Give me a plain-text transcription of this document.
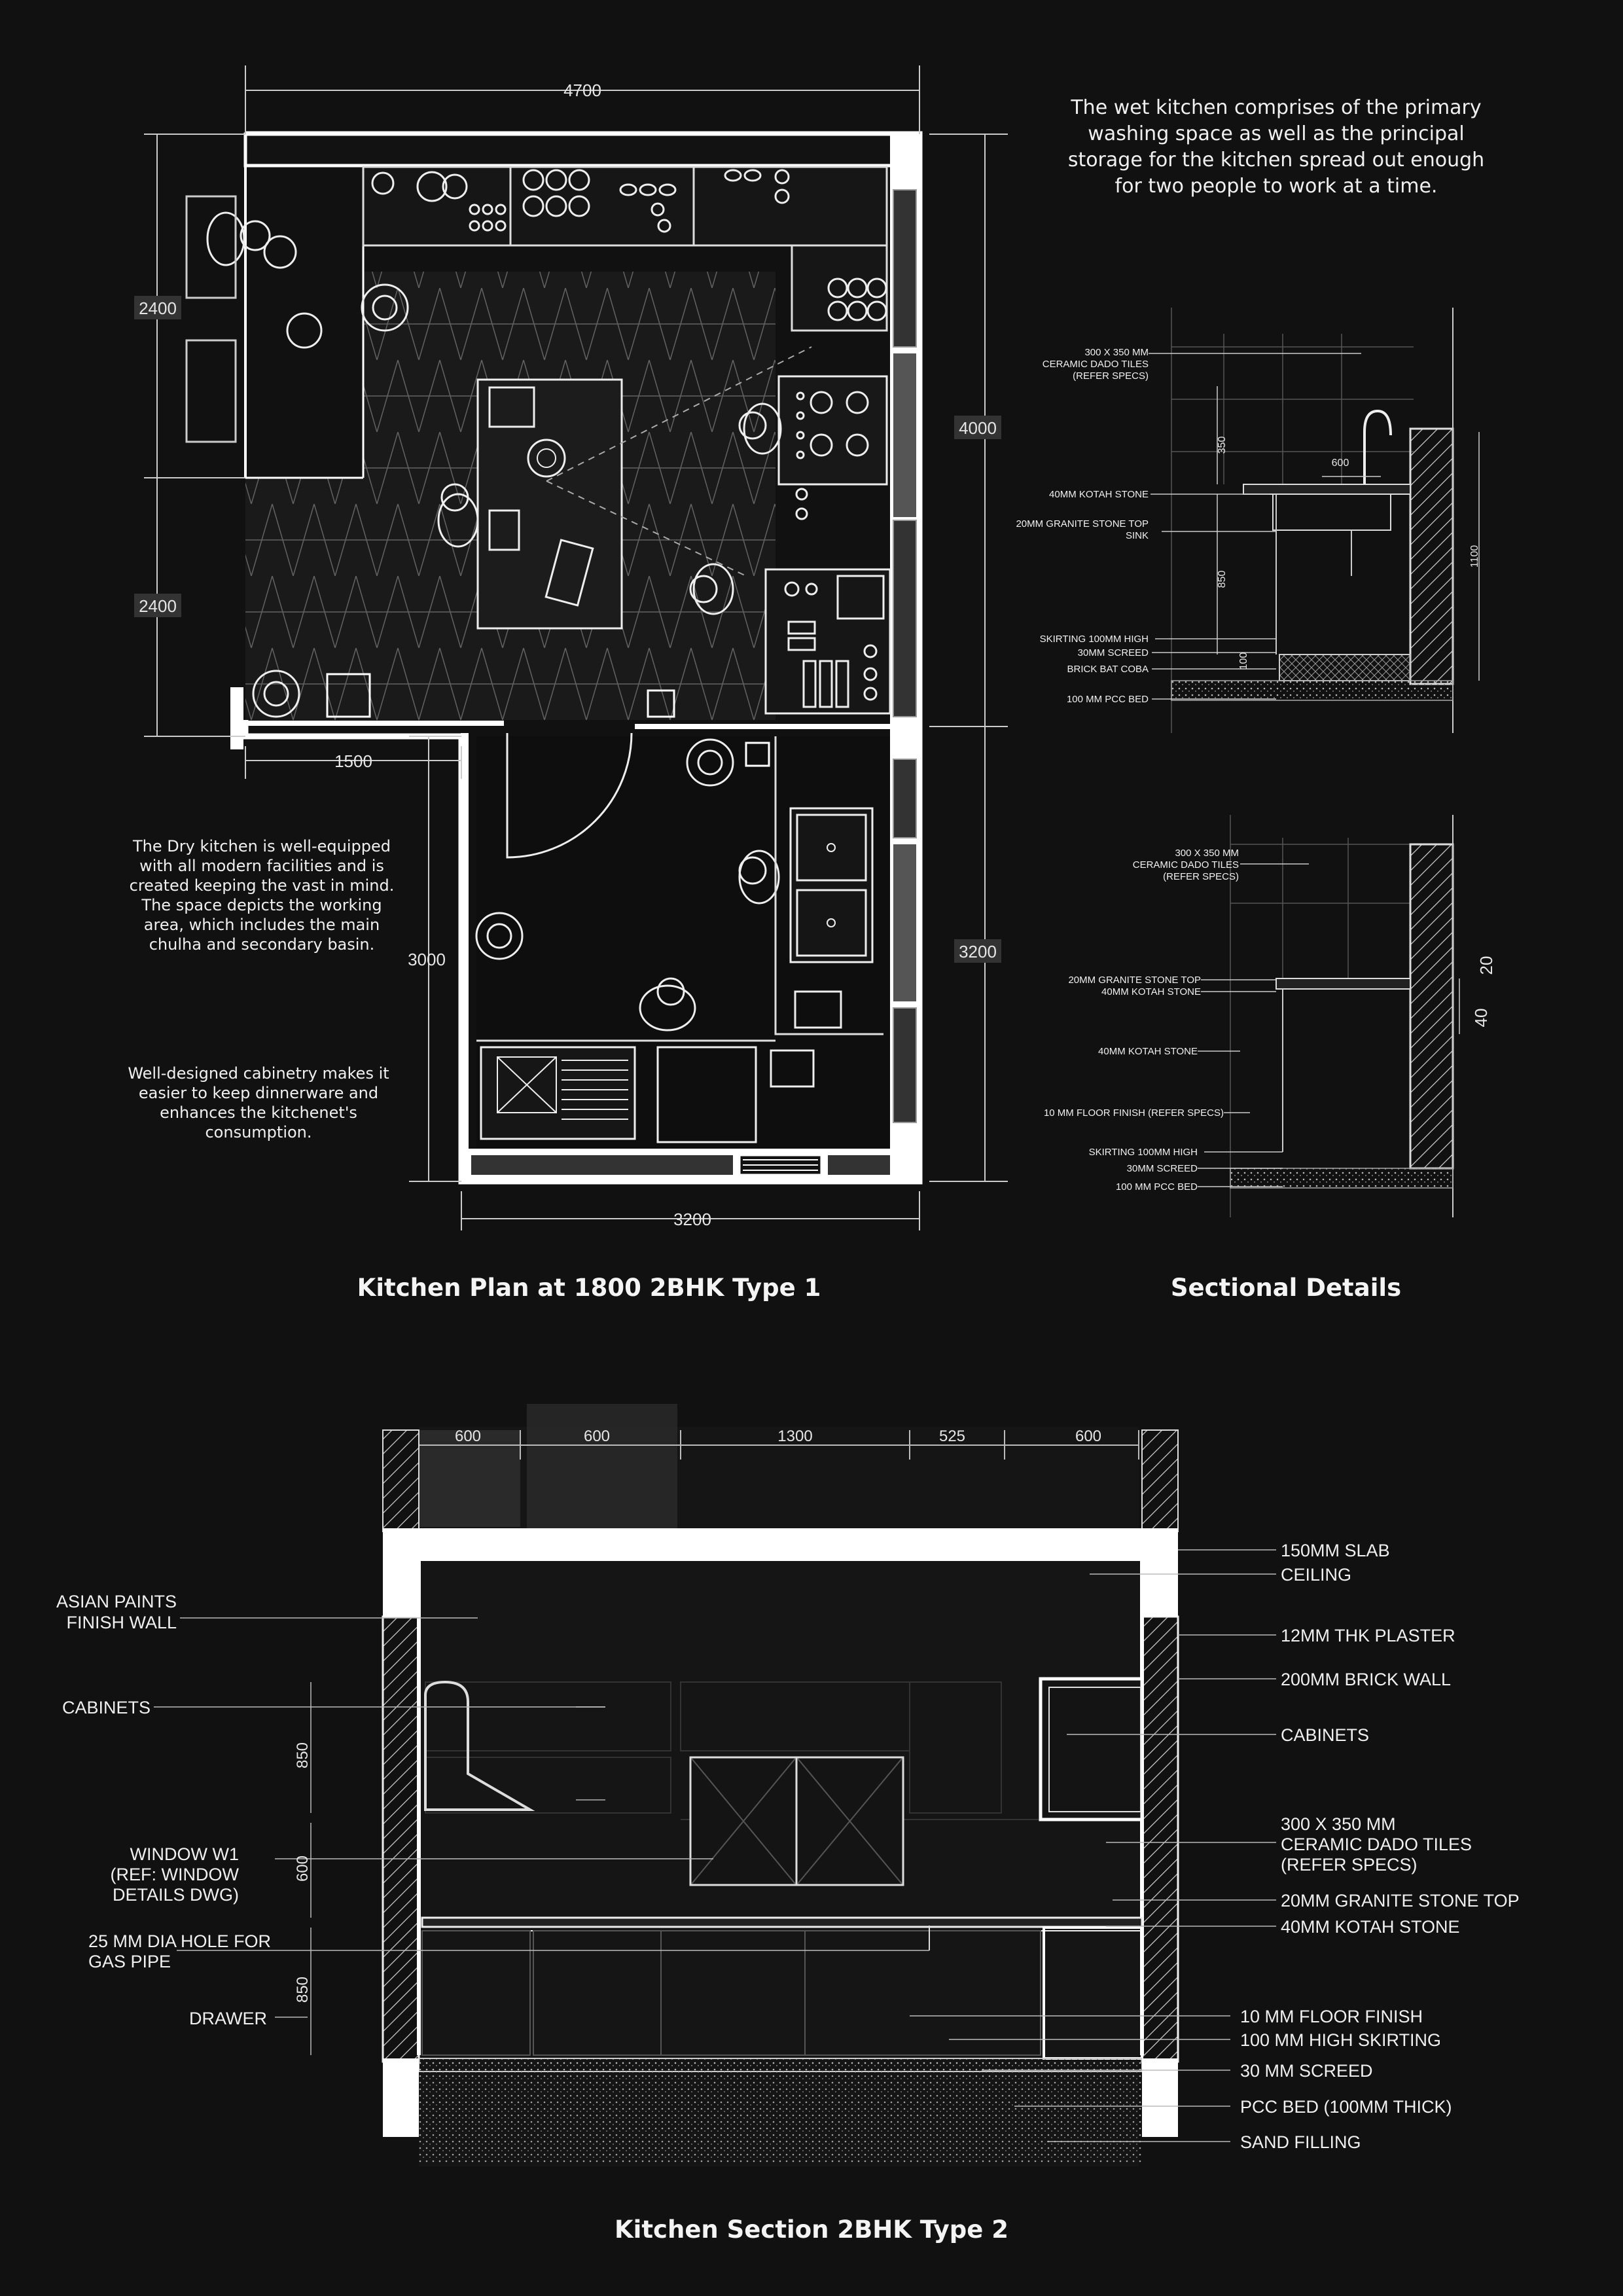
4700
2400
2400
4000
3200
1500
3000
3200
300 X 350 MM
CERAMIC DADO TILES
(REFER SPECS)
40MM KOTAH STONE
20MM GRANITE STONE TOP
SINK
SKIRTING 100MM HIGH
30MM SCREED
BRICK BAT COBA
100 MM PCC BED
350
600
850
1100
100
300 X 350 MM
CERAMIC DADO TILES
(REFER SPECS)
20MM GRANITE STONE TOP
40MM KOTAH STONE
40MM KOTAH STONE
10 MM FLOOR FINISH (REFER SPECS)
SKIRTING 100MM HIGH
30MM SCREED
100 MM PCC BED
20
40
600	600	1300	525	600
850
600
850
ASIAN PAINTS
FINISH WALL
CABINETS
WINDOW W1
(REF: WINDOW
DETAILS DWG)
25 MM DIA HOLE FOR
GAS PIPE
DRAWER
150MM SLAB
CEILING
12MM THK PLASTER
200MM BRICK WALL
CABINETS
300 X 350 MM
CERAMIC DADO TILES
(REFER SPECS)
20MM GRANITE STONE TOP
40MM KOTAH STONE
10 MM FLOOR FINISH
100 MM HIGH SKIRTING
30 MM SCREED
PCC BED (100MM THICK)
SAND FILLING
The wet kitchen comprises of the primary washing space as well as the principal storage for the kitchen spread out enough for two people to work at a time.
The Dry kitchen is well-equipped with all modern facilities and is created keeping the vast in mind. The space depicts the working area, which includes the main chulha and secondary basin.
Well-designed cabinetry makes it easier to keep dinnerware and enhances the kitchenet's consumption.
Kitchen Plan at 1800 2BHK Type 1	Sectional Details
Kitchen Section 2BHK Type 2
